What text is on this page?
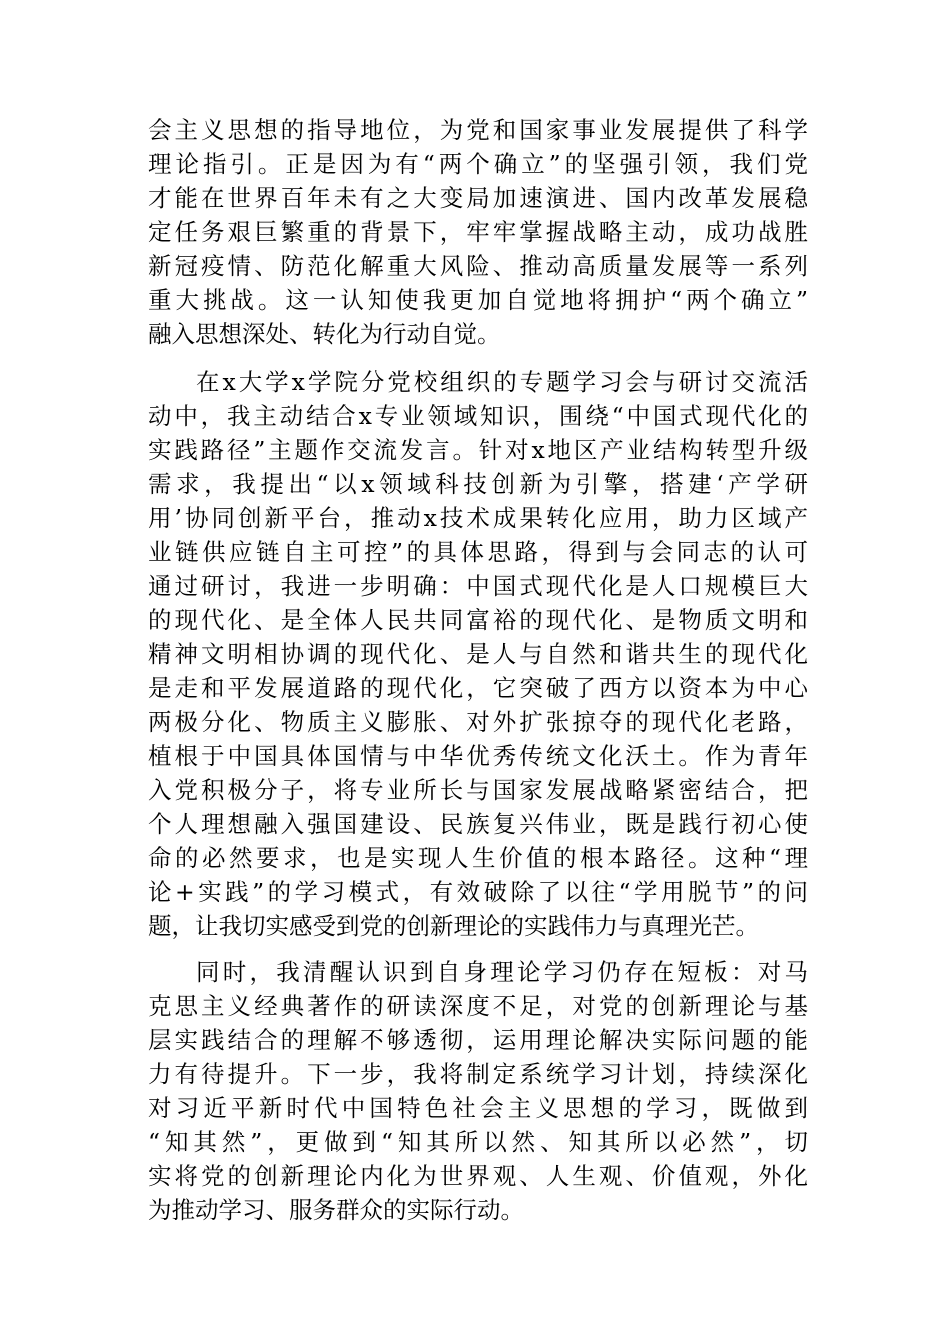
会主义思想的指导地位，为党和国家事业发展提供了科学
理论指引。正是因为有“两个确立”的坚强引领，我们党
才能在世界百年未有之大变局加速演进、国内改革发展稳
定任务艰巨繁重的背景下，牢牢掌握战略主动，成功战胜
新冠疫情、防范化解重大风险、推动高质量发展等一系列
重大挑战。这一认知使我更加自觉地将拥护“两个确立”
融入思想深处、转化为行动自觉。
在x大学x学院分党校组织的专题学习会与研讨交流活
动中，我主动结合x专业领域知识，围绕“中国式现代化的
实践路径”主题作交流发言。针对x地区产业结构转型升级
需求，我提出“以x领域科技创新为引擎，搭建‘产学研
用’协同创新平台，推动x技术成果转化应用，助力区域产
业链供应链自主可控”的具体思路，得到与会同志的认可
通过研讨，我进一步明确：中国式现代化是人口规模巨大
的现代化、是全体人民共同富裕的现代化、是物质文明和
精神文明相协调的现代化、是人与自然和谐共生的现代化
是走和平发展道路的现代化，它突破了西方以资本为中心
两极分化、物质主义膨胀、对外扩张掠夺的现代化老路，
植根于中国具体国情与中华优秀传统文化沃土。作为青年
入党积极分子，将专业所长与国家发展战略紧密结合，把
个人理想融入强国建设、民族复兴伟业，既是践行初心使
命的必然要求，也是实现人生价值的根本路径。这种“理
论+实践”的学习模式，有效破除了以往“学用脱节”的问
题，让我切实感受到党的创新理论的实践伟力与真理光芒。
同时，我清醒认识到自身理论学习仍存在短板：对马
克思主义经典著作的研读深度不足，对党的创新理论与基
层实践结合的理解不够透彻，运用理论解决实际问题的能
力有待提升。下一步，我将制定系统学习计划，持续深化
对习近平新时代中国特色社会主义思想的学习，既做到
“知其然”，更做到“知其所以然、知其所以必然”，切
实将党的创新理论内化为世界观、人生观、价值观，外化
为推动学习、服务群众的实际行动。
